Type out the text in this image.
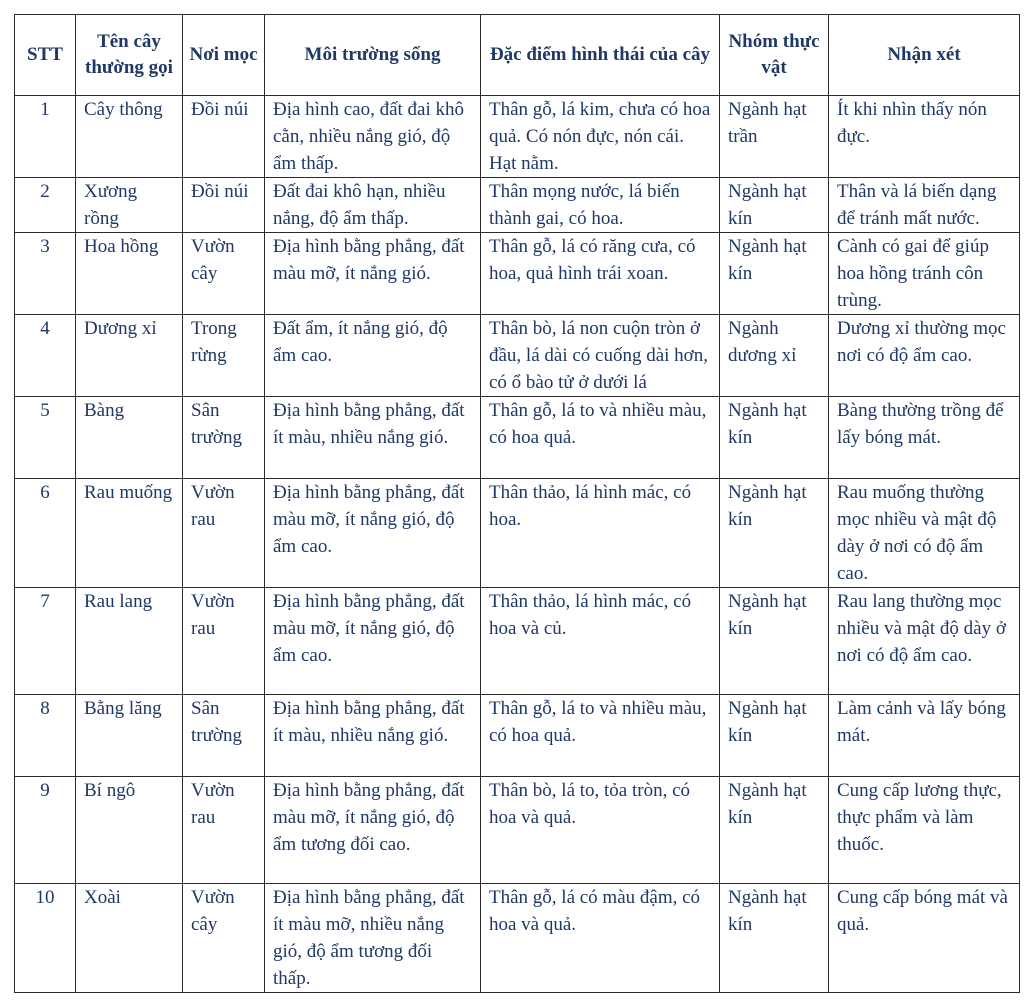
STT	Tên cây thường gọi	Nơi mọc	Môi trường sống	Đặc điểm hình thái của cây	Nhóm thực vật	Nhận xét
1	Cây thông	Đồi núi	Địa hình cao, đất đai khô cằn, nhiều nắng gió, độ ẩm thấp.	Thân gỗ, lá kim, chưa có hoa quả. Có nón đực, nón cái. Hạt nằm.	Ngành hạt trần	Ít khi nhìn thấy nón đực.
2	Xương rồng	Đồi núi	Đất đai khô hạn, nhiều nắng, độ ẩm thấp.	Thân mọng nước, lá biến thành gai, có hoa.	Ngành hạt kín	Thân và lá biến dạng để tránh mất nước.
3	Hoa hồng	Vườn cây	Địa hình bằng phẳng, đất màu mỡ, ít nắng gió.	Thân gỗ, lá có răng cưa, có hoa, quả hình trái xoan.	Ngành hạt kín	Cành có gai để giúp hoa hồng tránh côn trùng.
4	Dương xỉ	Trong rừng	Đất ẩm, ít nắng gió, độ ẩm cao.	Thân bò, lá non cuộn tròn ở đầu, lá dài có cuống dài hơn, có ổ bào tử ở dưới lá	Ngành dương xỉ	Dương xỉ thường mọc nơi có độ ẩm cao.
5	Bàng	Sân trường	Địa hình bằng phẳng, đất ít màu, nhiều nắng gió.	Thân gỗ, lá to và nhiều màu, có hoa quả.	Ngành hạt kín	Bàng thường trồng để lấy bóng mát.
6	Rau muống	Vườn rau	Địa hình bằng phẳng, đất màu mỡ, ít nắng gió, độ ẩm cao.	Thân thảo, lá hình mác, có hoa.	Ngành hạt kín	Rau muống thường mọc nhiều và mật độ dày ở nơi có độ ẩm cao.
7	Rau lang	Vườn rau	Địa hình bằng phẳng, đất màu mỡ, ít nắng gió, độ ẩm cao.	Thân thảo, lá hình mác, có hoa và củ.	Ngành hạt kín	Rau lang thường mọc nhiều và mật độ dày ở nơi có độ ẩm cao.
8	Bằng lăng	Sân trường	Địa hình bằng phẳng, đất ít màu, nhiều nắng gió.	Thân gỗ, lá to và nhiều màu, có hoa quả.	Ngành hạt kín	Làm cảnh và lấy bóng mát.
9	Bí ngô	Vườn rau	Địa hình bằng phẳng, đất màu mỡ, ít nắng gió, độ ẩm tương đối cao.	Thân bò, lá to, tỏa tròn, có hoa và quả.	Ngành hạt kín	Cung cấp lương thực, thực phẩm và làm thuốc.
10	Xoài	Vườn cây	Địa hình bằng phẳng, đất ít màu mỡ, nhiều nắng gió, độ ẩm tương đối thấp.	Thân gỗ, lá có màu đậm, có hoa và quả.	Ngành hạt kín	Cung cấp bóng mát và quả.
